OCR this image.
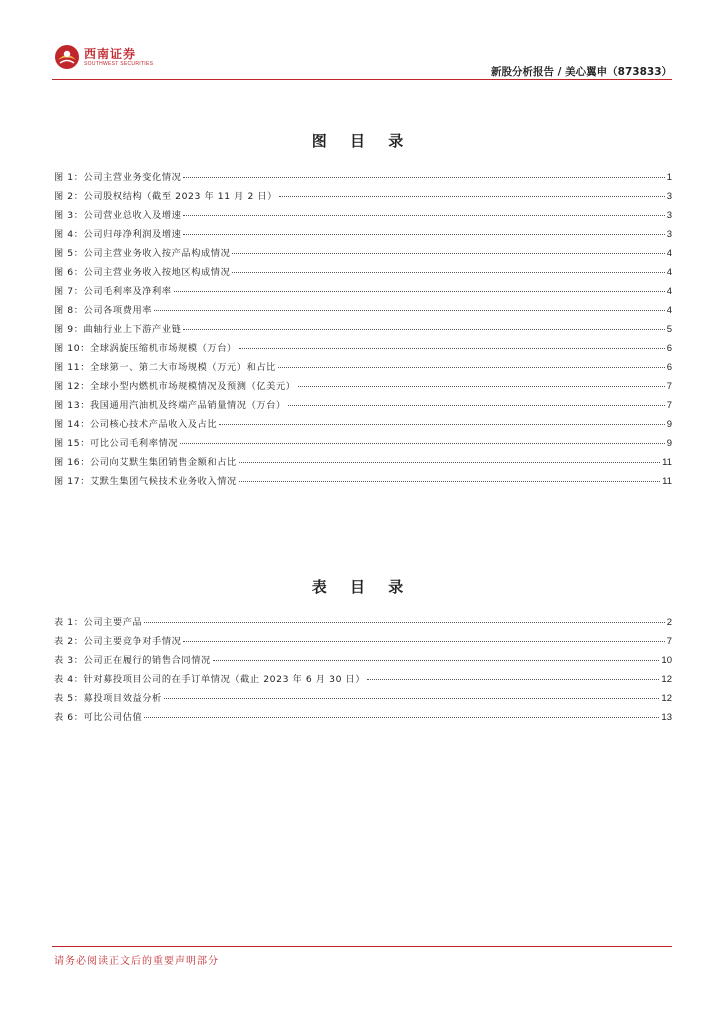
西南证券
SOUTHWEST SECURITIES
新股分析报告 / 美心翼申（873833）
图 目 录
图 1：公司主营业务变化情况	1
图 2：公司股权结构（截至 2023 年 11 月 2 日）	3
图 3：公司营业总收入及增速	3
图 4：公司归母净利润及增速	3
图 5：公司主营业务收入按产品构成情况	4
图 6：公司主营业务收入按地区构成情况	4
图 7：公司毛利率及净利率	4
图 8：公司各项费用率	4
图 9：曲轴行业上下游产业链	5
图 10：全球涡旋压缩机市场规模（万台）	6
图 11：全球第一、第二大市场规模（万元）和占比	6
图 12：全球小型内燃机市场规模情况及预测（亿美元）	7
图 13：我国通用汽油机及终端产品销量情况（万台）	7
图 14：公司核心技术产品收入及占比	9
图 15：可比公司毛利率情况	9
图 16：公司向艾默生集团销售金额和占比	11
图 17：艾默生集团气候技术业务收入情况	11
表 目 录
表 1：公司主要产品	2
表 2：公司主要竞争对手情况	7
表 3：公司正在履行的销售合同情况	10
表 4：针对募投项目公司的在手订单情况（截止 2023 年 6 月 30 日）	12
表 5：募投项目效益分析	12
表 6：可比公司估值	13
请务必阅读正文后的重要声明部分
